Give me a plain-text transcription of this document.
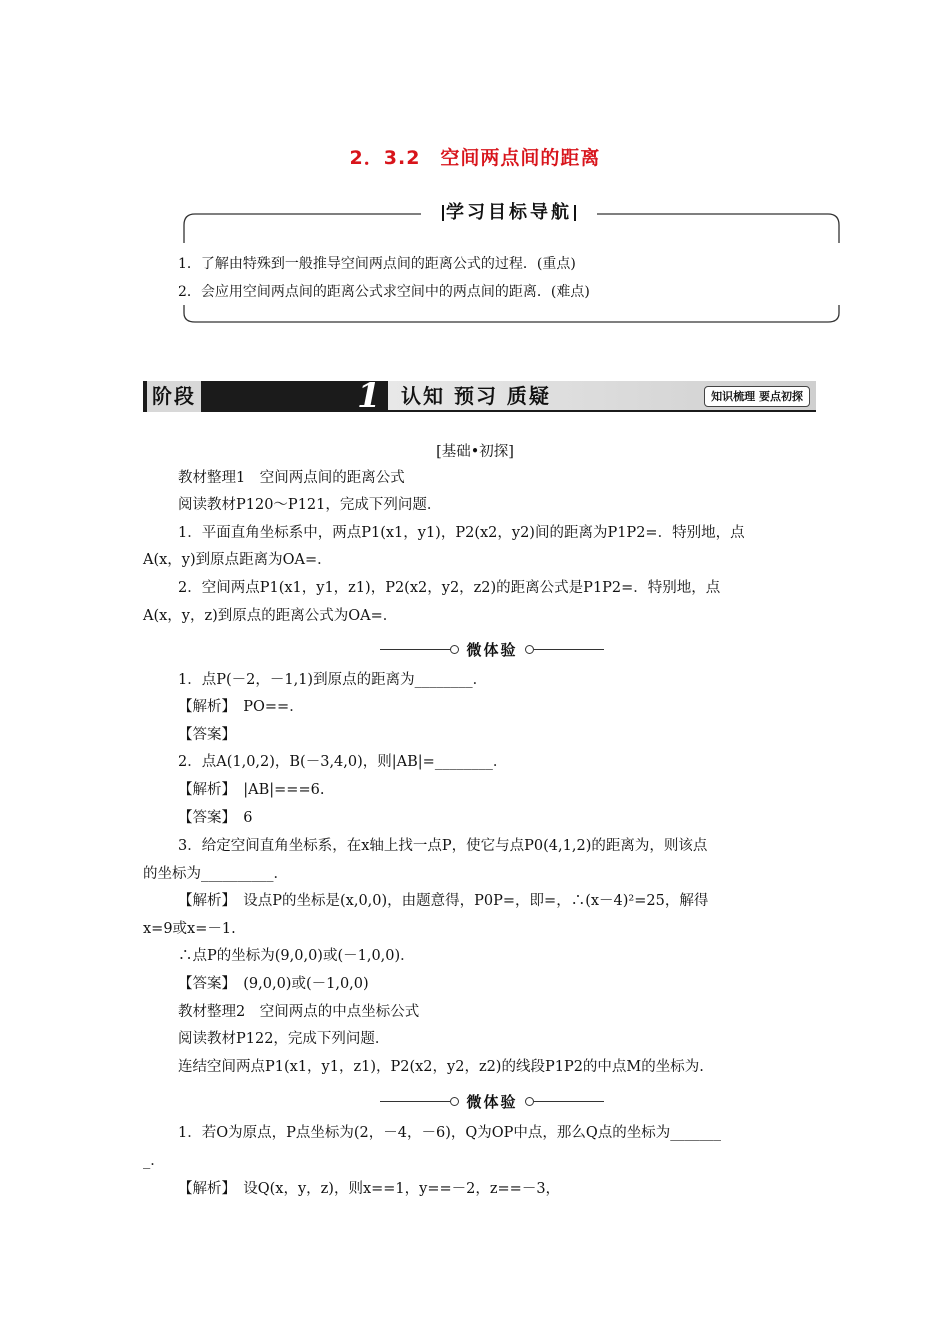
2．3.2　空间两点间的距离
学习目标导航
1．了解由特殊到一般推导空间两点间的距离公式的过程．(重点)
2．会应用空间两点间的距离公式求空间中的两点间的距离．(难点)
阶段	1 认知 预习 质疑	知识梳理 要点初探
[基础•初探]
教材整理1　空间两点间的距离公式
阅读教材P120～P121，完成下列问题．
1．平面直角坐标系中，两点P1(x1，y1)，P2(x2，y2)间的距离为P1P2=．特别地，点
A(x，y)到原点距离为OA=．
2．空间两点P1(x1，y1，z1)，P2(x2，y2，z2)的距离公式是P1P2=．特别地，点
A(x，y，z)到原点的距离公式为OA=．
微体验
1．点P(－2，－1,1)到原点的距离为________．
【解析】　PO==．
【答案】
2．点A(1,0,2)，B(－3,4,0)，则|AB|=________．
【解析】　|AB|===6.
【答案】　6
3．给定空间直角坐标系，在x轴上找一点P，使它与点P0(4,1,2)的距离为，则该点
的坐标为__________．
【解析】　设点P的坐标是(x,0,0)，由题意得，P0P=，即=，∴(x－4)²=25，解得
x=9或x=－1.
∴点P的坐标为(9,0,0)或(－1,0,0)．
【答案】　(9,0,0)或(－1,0,0)
教材整理2　空间两点的中点坐标公式
阅读教材P122，完成下列问题．
连结空间两点P1(x1，y1，z1)，P2(x2，y2，z2)的线段P1P2的中点M的坐标为.
微体验
1．若O为原点，P点坐标为(2，－4，－6)，Q为OP中点，那么Q点的坐标为_______
_．
【解析】　设Q(x，y，z)，则x==1，y==－2，z==－3，
